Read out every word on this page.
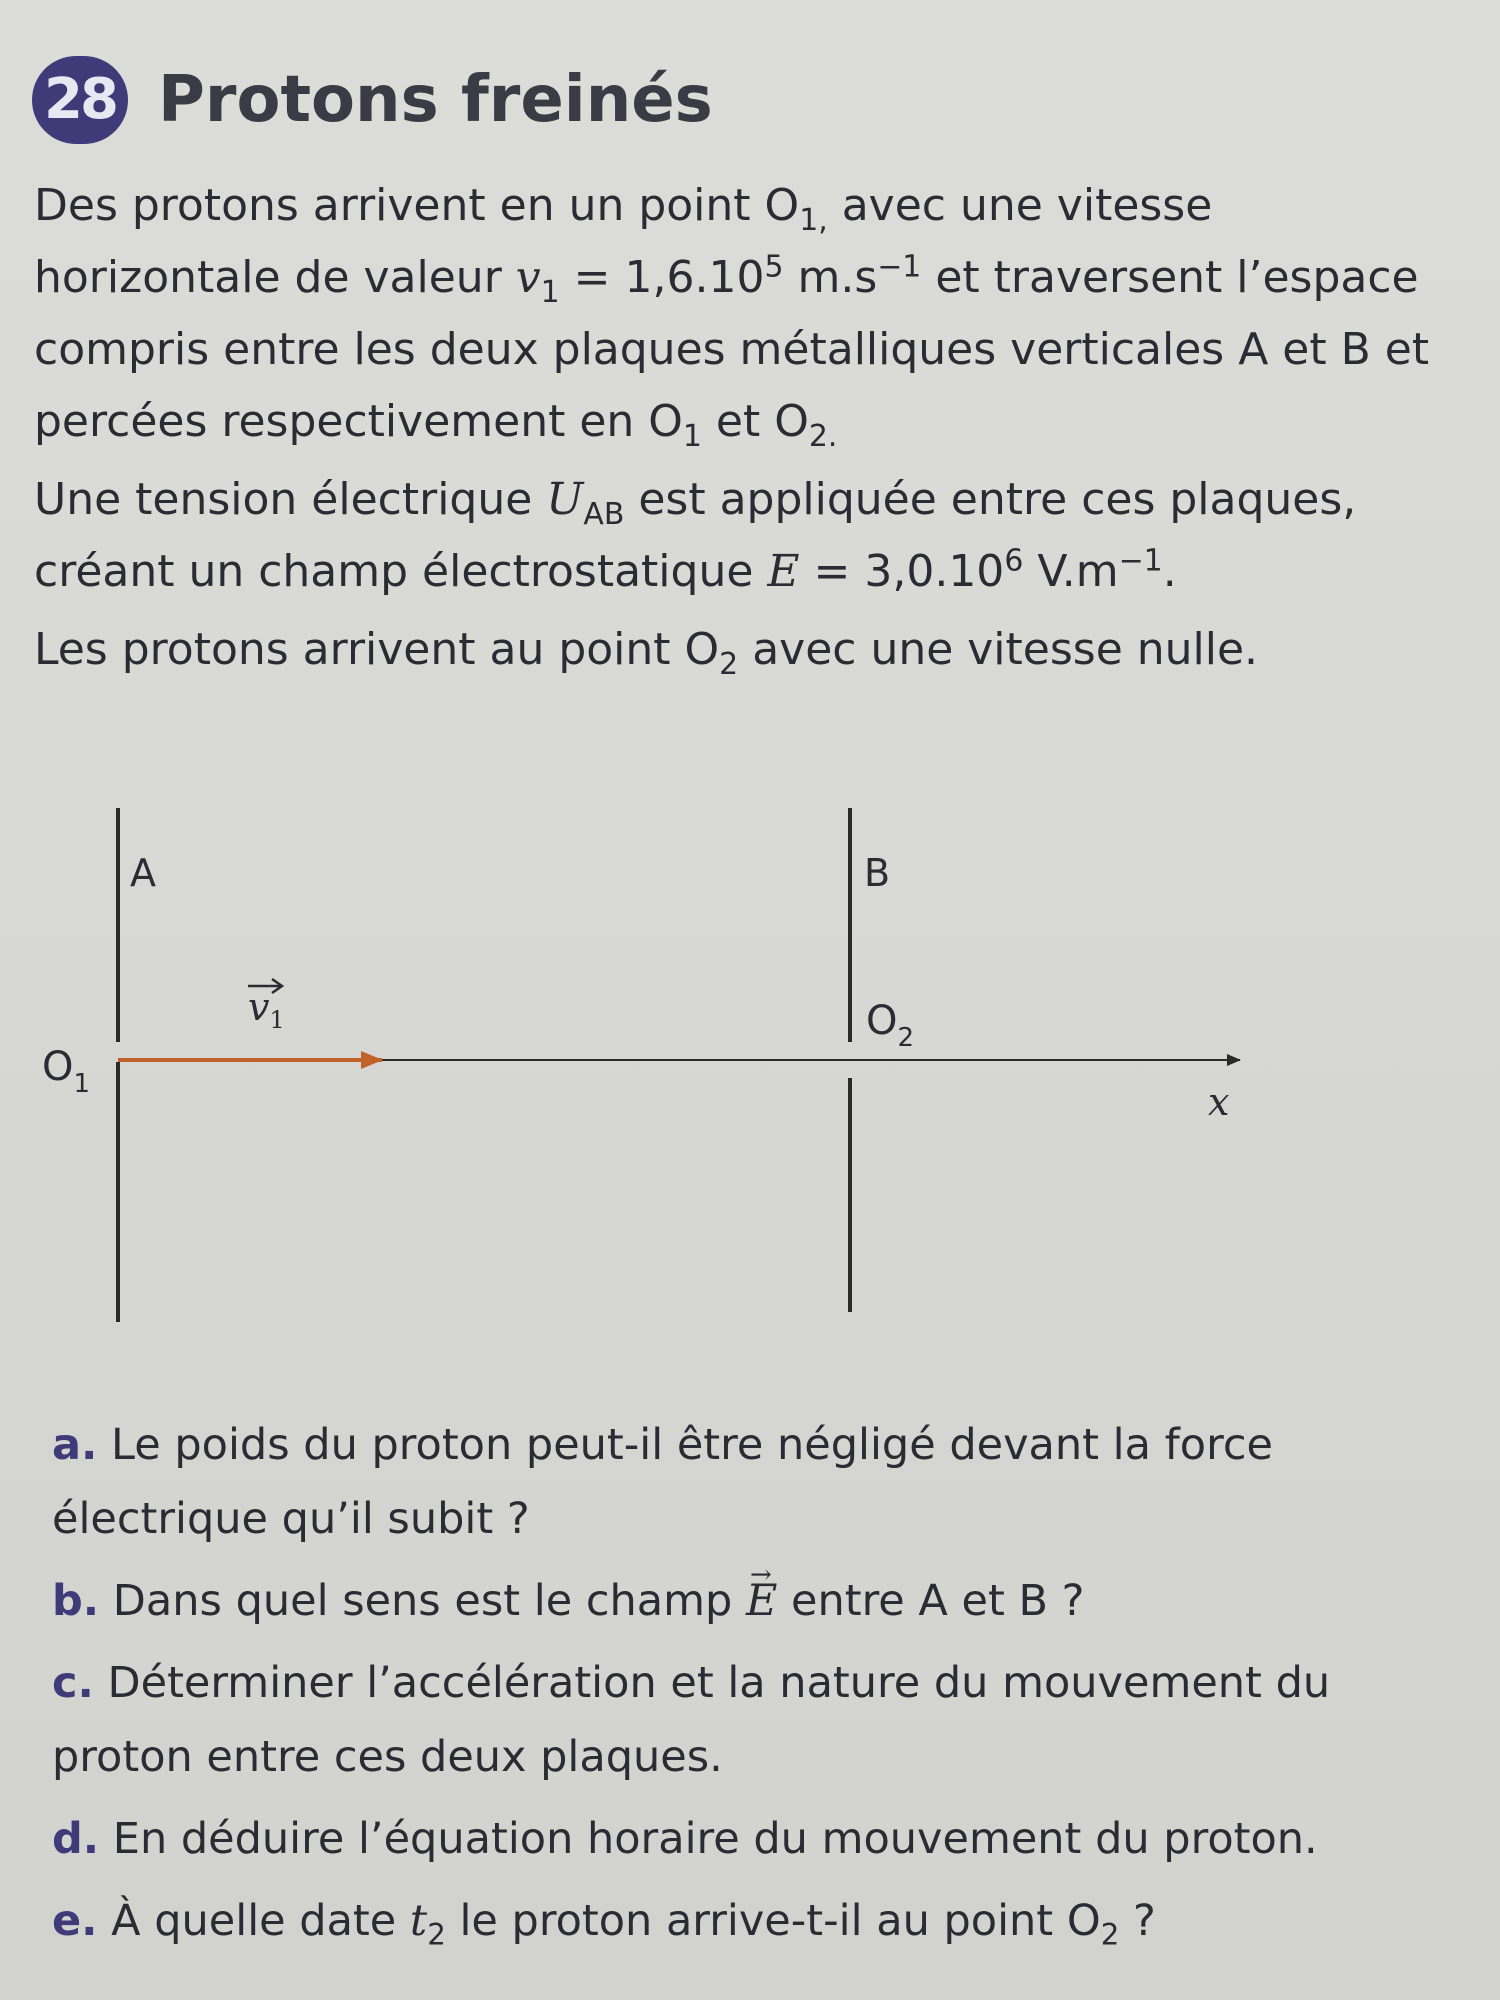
28 Protons freinés

Des protons arrivent en un point $O_{1,}$ avec une vitesse horizontale de valeur $v_1 = 1,6.10^5$ $m.s^{-1}$ et traversent l’espace compris entre les deux plaques métalliques verticales A et B et percées respectivement en $O_1$ et $O_{2.}$

Une tension électrique $U_{AB}$ est appliquée entre ces plaques, créant un champ électrostatique $E = 3,0.10^6$ $V.m^{-1}$.

Les protons arrivent au point $O_2$ avec une vitesse nulle.

A	B
x
$v_1$
$O_1$
$O_2$

a. Le poids du proton peut-il être négligé devant la force électrique qu’il subit ?

b. Dans quel sens est le champ → E entre A et B ?

c. Déterminer l’accélération et la nature du mouvement du proton entre ces deux plaques.

d. En déduire l’équation horaire du mouvement du proton.

e. À quelle date $t_2$ le proton arrive-t-il au point $O_2$ ?
